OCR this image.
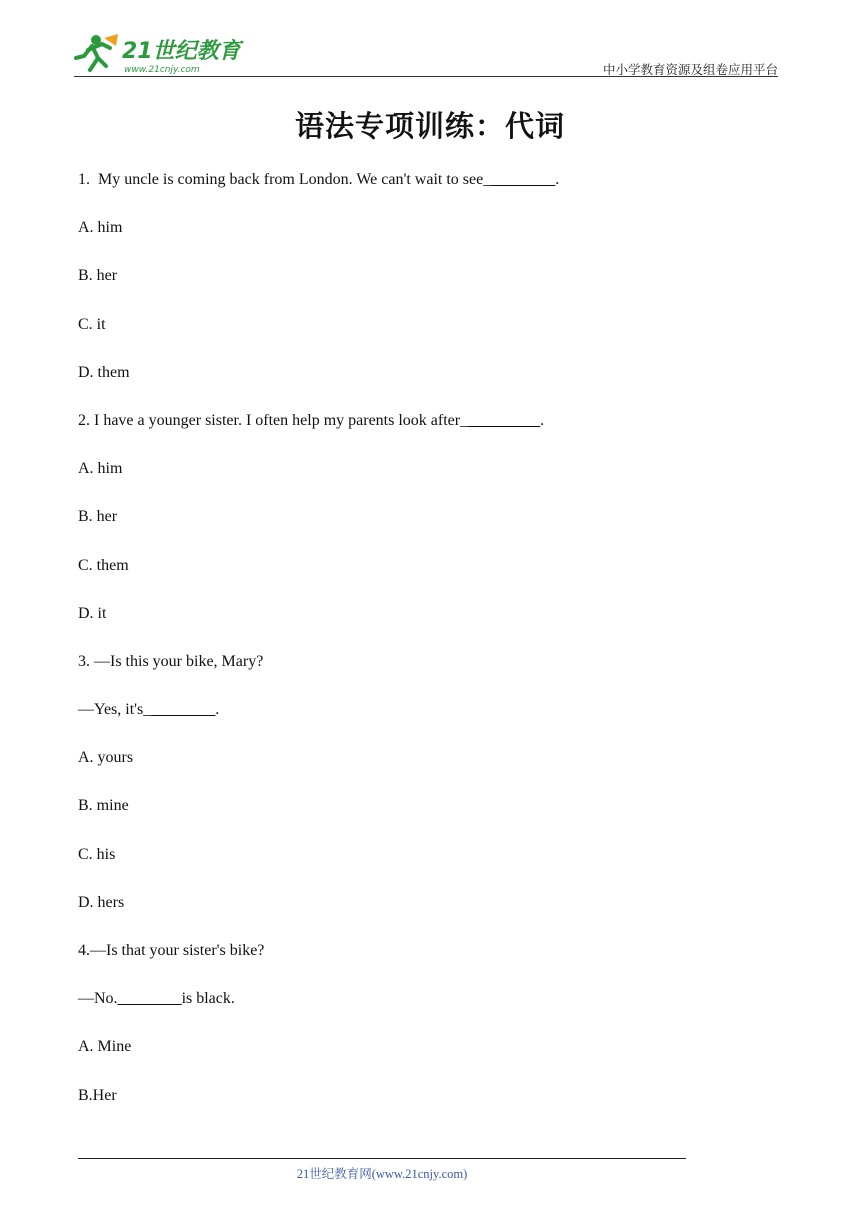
21世纪教育
www.21cnjy.com	中小学教育资源及组卷应用平台
语法专项训练：代词
1.  My uncle is coming back from London. We can't wait to see_________.
A. him
B. her
C. it
D. them
2. I have a younger sister. I often help my parents look after__________.
A. him
B. her
C. them
D. it
3. —Is this your bike, Mary?
—Yes, it's_________.
A. yours
B. mine
C. his
D. hers
4.—Is that your sister's bike?
—No.________is black.
A. Mine
B.Her
21世纪教育网(www.21cnjy.com)
